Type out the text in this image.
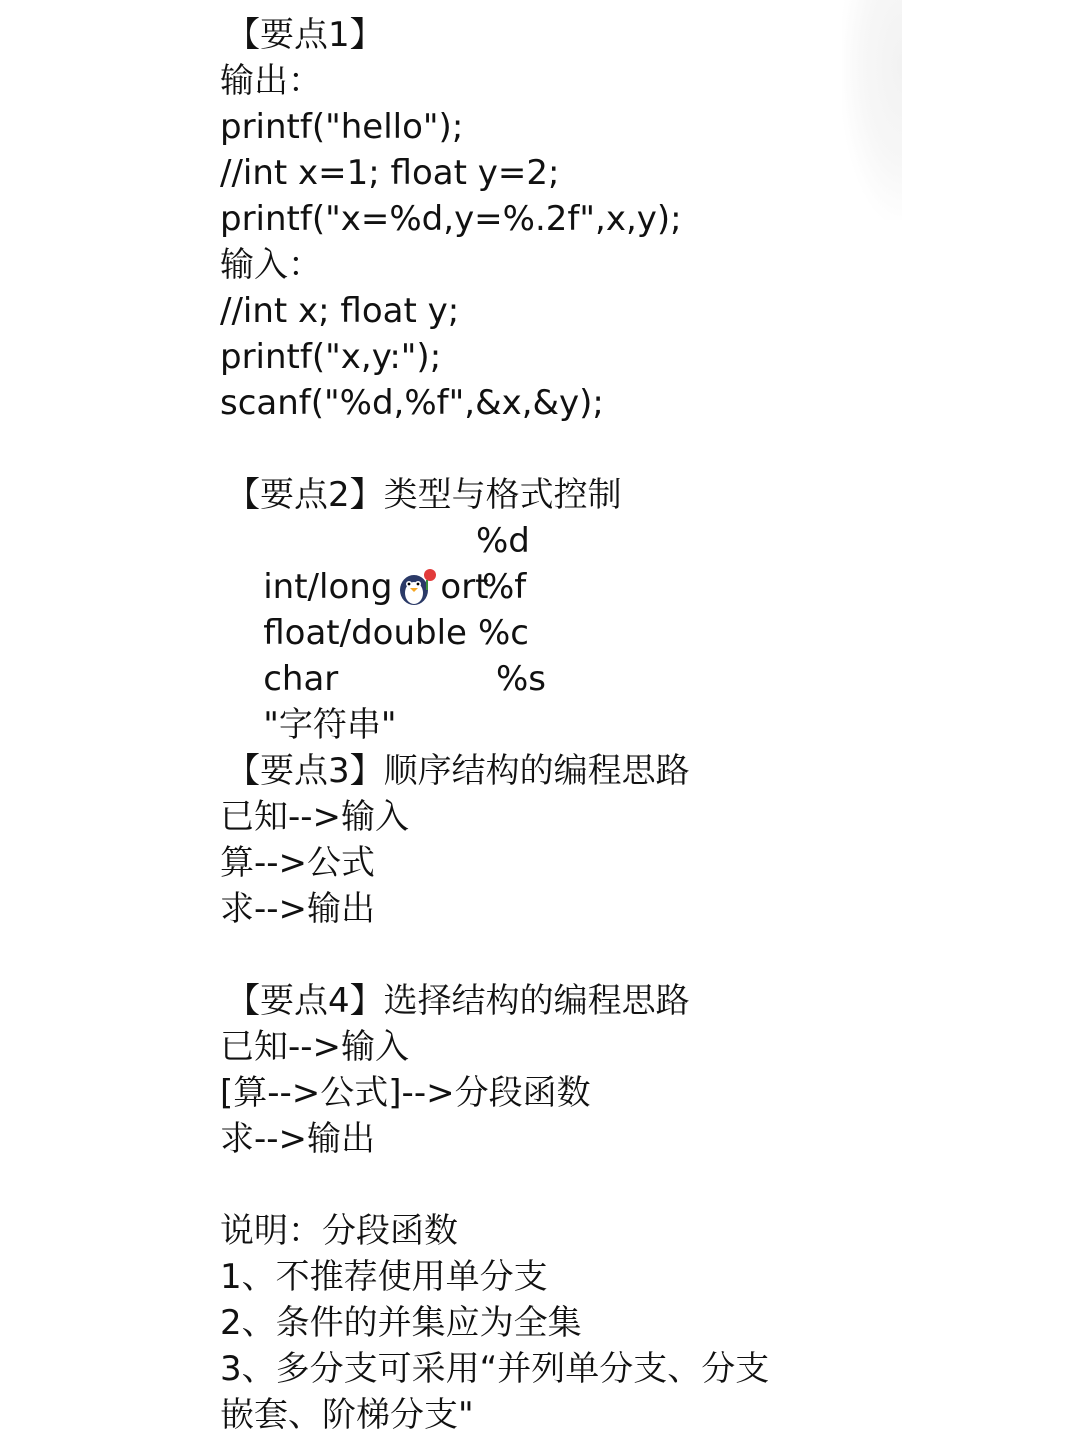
【要点1】
输出：
printf("hello");
//int x=1; float y=2;
printf("x=%d,y=%.2f",x,y);
输入：
//int x; float y;
printf("x,y:");
scanf("%d,%f",&x,&y);
【要点2】类型与格式控制

int/long ort

%d

float/double

%f

char

%c

"字符串"

%s

【要点3】顺序结构的编程思路
已知-->输入
算-->公式
求-->输出
【要点4】选择结构的编程思路
已知-->输入
[算-->公式]-->分段函数
求-->输出
说明：分段函数
1、不推荐使用单分支
2、条件的并集应为全集
3、多分支可采用“并列单分支、分支
嵌套、阶梯分支"
